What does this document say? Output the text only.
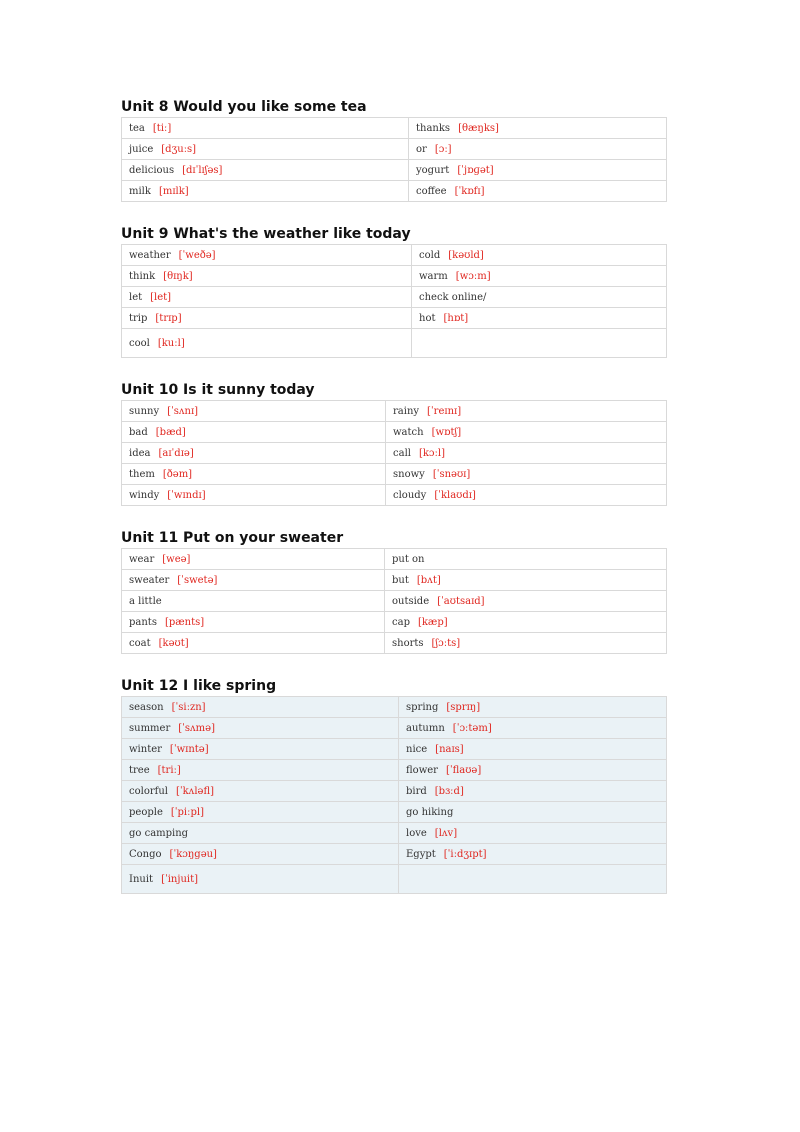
Unit 8 Would you like some tea
tea [tiː]	thanks [θæŋks]
juice [dʒuːs]	or [ɔː]
delicious [dɪˈlɪʃəs]	yogurt [ˈjɒɡət]
milk [mɪlk]	coffee [ˈkɒfɪ]
Unit 9 What's the weather like today
weather [ˈweðə]	cold [kəʊld]
think [θɪŋk]	warm [wɔːm]
let [let]	check online/
trip [trɪp]	hot [hɒt]
cool [kuːl]	
Unit 10 Is it sunny today
sunny [ˈsʌnɪ]	rainy [ˈreɪnɪ]
bad [bæd]	watch [wɒtʃ]
idea [aɪˈdɪə]	call [kɔːl]
them [ðəm]	snowy [ˈsnəʊɪ]
windy [ˈwɪndɪ]	cloudy [ˈklaʊdɪ]
Unit 11 Put on your sweater
wear [weə]	put on
sweater [ˈswetə]	but [bʌt]
a little	outside [ˈaʊtsaɪd]
pants [pænts]	cap [kæp]
coat [kəʊt]	shorts [ʃɔːts]
Unit 12 I like spring
season [ˈsiːzn]	spring [sprɪŋ]
summer [ˈsʌmə]	autumn [ˈɔːtəm]
winter [ˈwɪntə]	nice [naɪs]
tree [triː]	flower [ˈflaʊə]
colorful [ˈkʌləfl]	bird [bɜːd]
people [ˈpiːpl]	go hiking
go camping	love [lʌv]
Congo [ˈkɔŋgəu]	Egypt [ˈiːdʒɪpt]
Inuit [ˈinjuit]	
